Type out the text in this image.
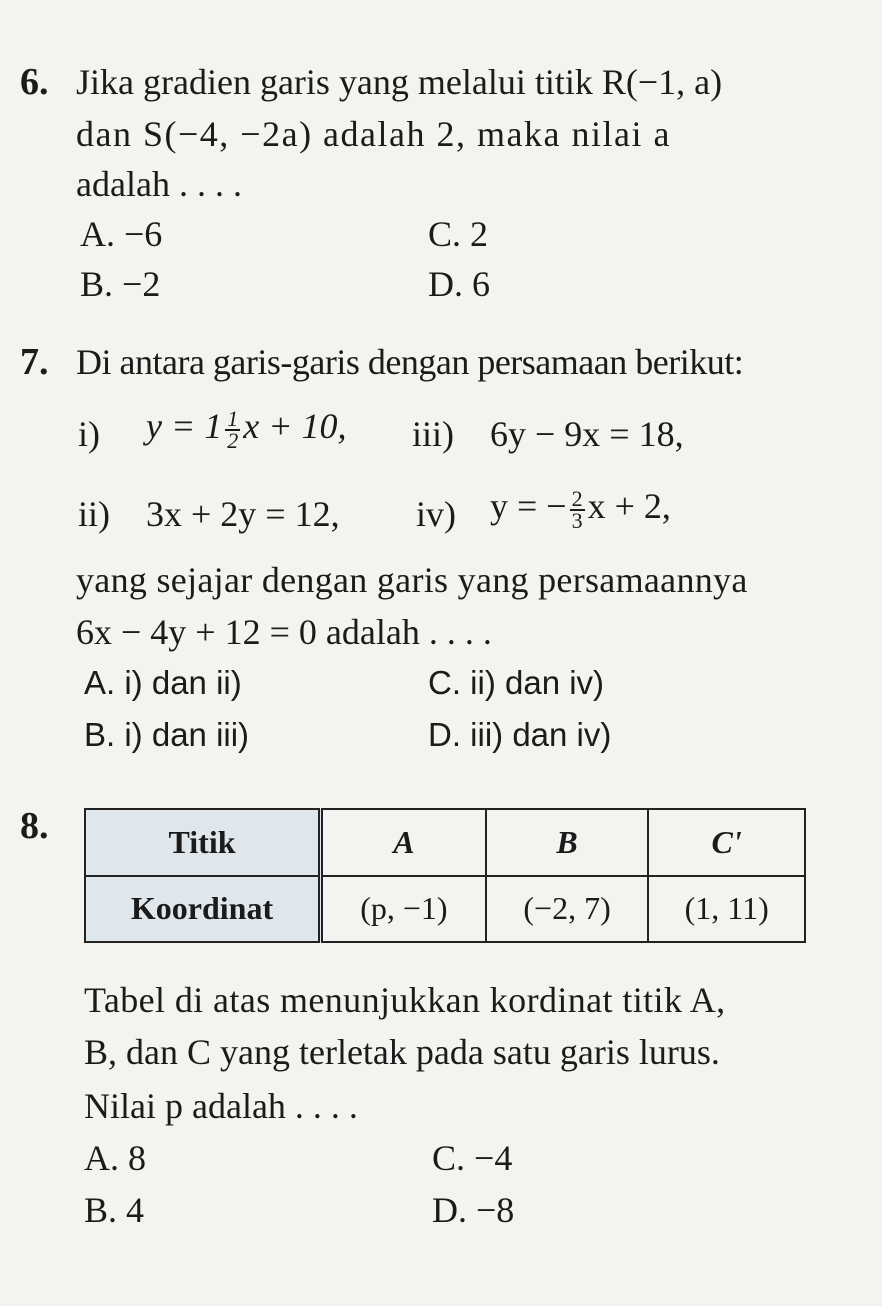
6. Jika gradien garis yang melalui titik R(−1, a)
dan S(−4, −2a) adalah 2, maka nilai a
adalah . . . .
A. −6	C. 2
B. −2	D. 6
7. Di antara garis-garis dengan persamaan berikut:
i) $y = 1 \frac{1}{2}$ x + 10, iii) 6y − 9x = 18,
ii) 3x + 2y = 12, iv) y = − $\frac{2}{3}$ x + 2,
yang sejajar dengan garis yang persamaannya
6x − 4y + 12 = 0 adalah . . . .
A. i) dan ii)	C. ii) dan iv)
B. i) dan iii)	D. iii) dan iv)
8.	Titik	A	B	C'
Koordinat	(p, −1)	(−2, 7)	(1, 11)
Tabel di atas menunjukkan kordinat titik A,
B, dan C yang terletak pada satu garis lurus.
Nilai p adalah . . . .
A. 8	C. −4
B. 4	D. −8
